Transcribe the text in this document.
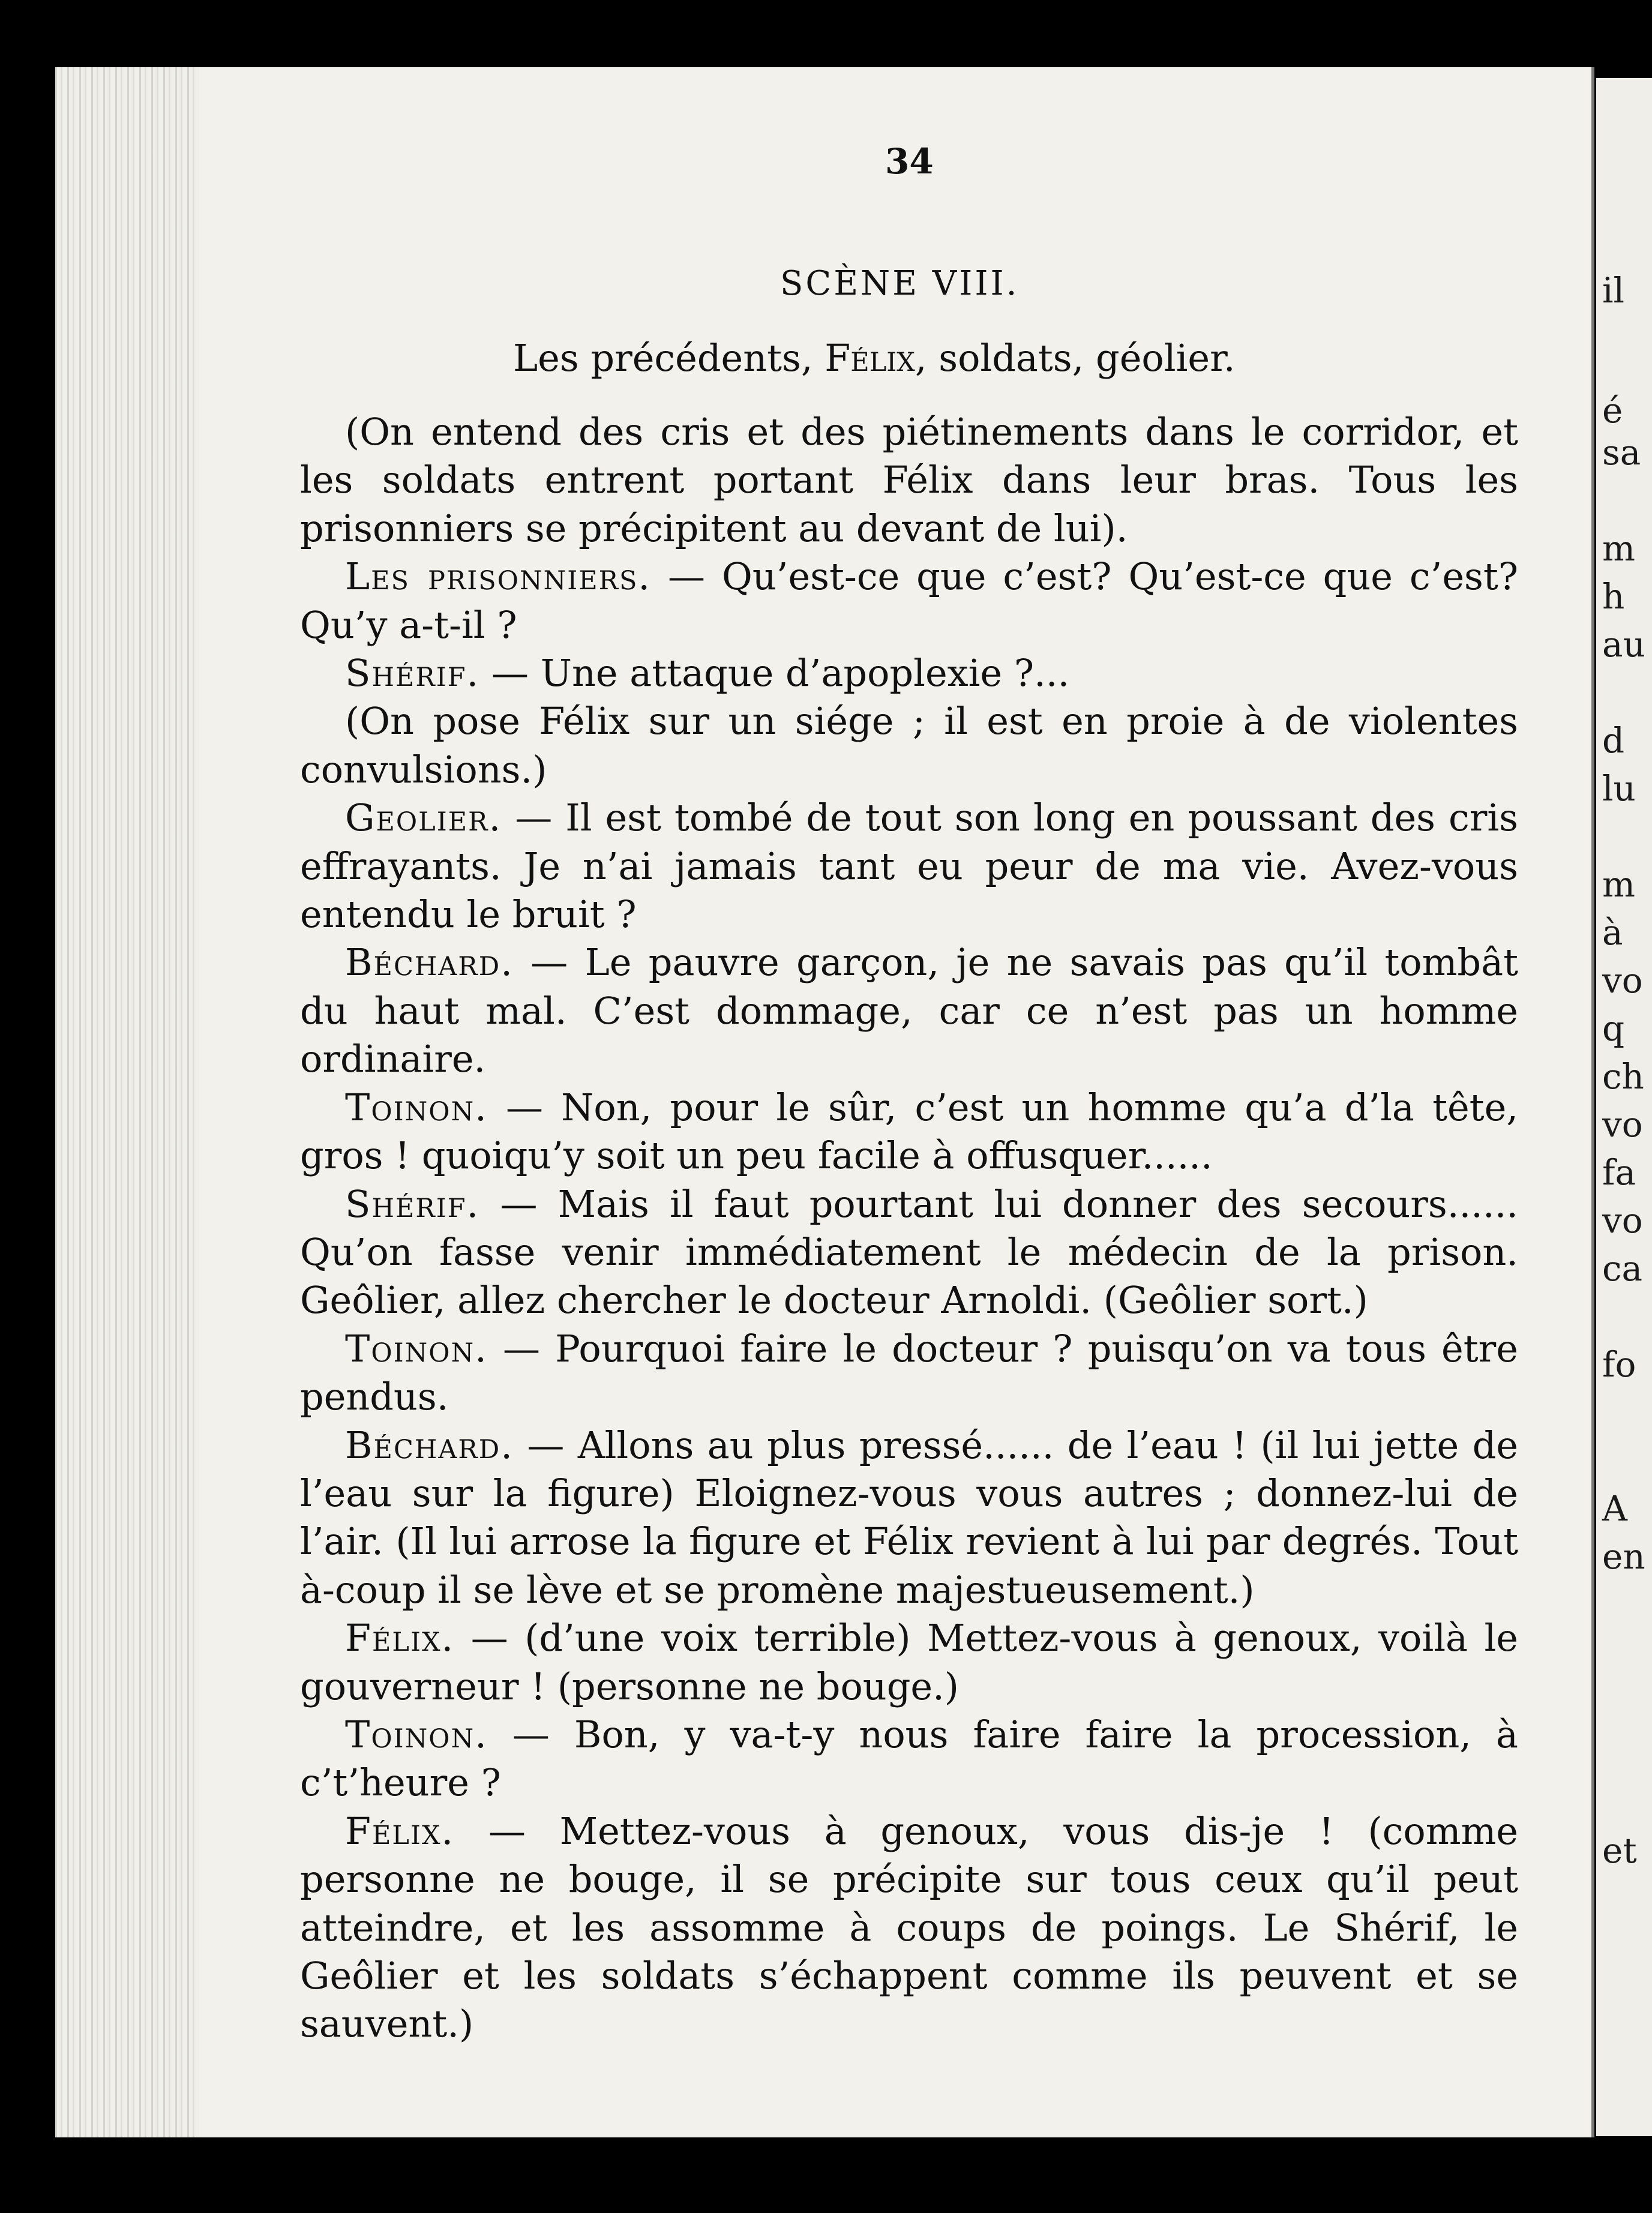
34
SCÈNE VIII.
Les précédents, Félix, soldats, géolier.

(On entend des cris et des piétinements dans le corridor, et les soldats entrent portant Félix dans leur bras. Tous les prisonniers se précipitent au devant de lui).

Les prisonniers. — Qu’est-ce que c’est? Qu’est-ce que c’est? Qu’y a-t-il ?

Shérif. — Une attaque d’apoplexie ?...

(On pose Félix sur un siége ; il est en proie à de violentes convulsions.)

Geolier. — Il est tombé de tout son long en poussant des cris effrayants. Je n’ai jamais tant eu peur de ma vie. Avez-vous entendu le bruit ?

Béchard. — Le pauvre garçon, je ne savais pas qu’il tombât du haut mal. C’est dommage, car ce n’est pas un homme ordinaire.

Toinon. — Non, pour le sûr, c’est un homme qu’a d’la tête, gros ! quoiqu’y soit un peu facile à offusquer......

Shérif. — Mais il faut pourtant lui donner des secours...... Qu’on fasse venir immédiatement le médecin de la prison. Geôlier, allez chercher le docteur Arnoldi. (Geôlier sort.)

Toinon. — Pourquoi faire le docteur ? puisqu’on va tous être pendus.

Béchard. — Allons au plus pressé...... de l’eau ! (il lui jette de l’eau sur la figure) Eloignez-vous vous autres ; donnez-lui de l’air. (Il lui arrose la figure et Félix revient à lui par degrés. Tout à-coup il se lève et se promène majestueusement.)

Félix. — (d’une voix terrible) Mettez-vous à genoux, voilà le gouverneur ! (personne ne bouge.)

Toinon. — Bon, y va-t-y nous faire faire la procession, à c’t’heure ?

Félix. — Mettez-vous à genoux, vous dis-je ! (comme personne ne bouge, il se précipite sur tous ceux qu’il peut atteindre, et les assomme à coups de poings. Le Shérif, le Geôlier et les soldats s’échappent comme ils peuvent et se sauvent.)

il
é
sa
m
h
au
d
lu
m
à
vo
q
ch
vo
fa
vo
ca
fo
A
en
et
